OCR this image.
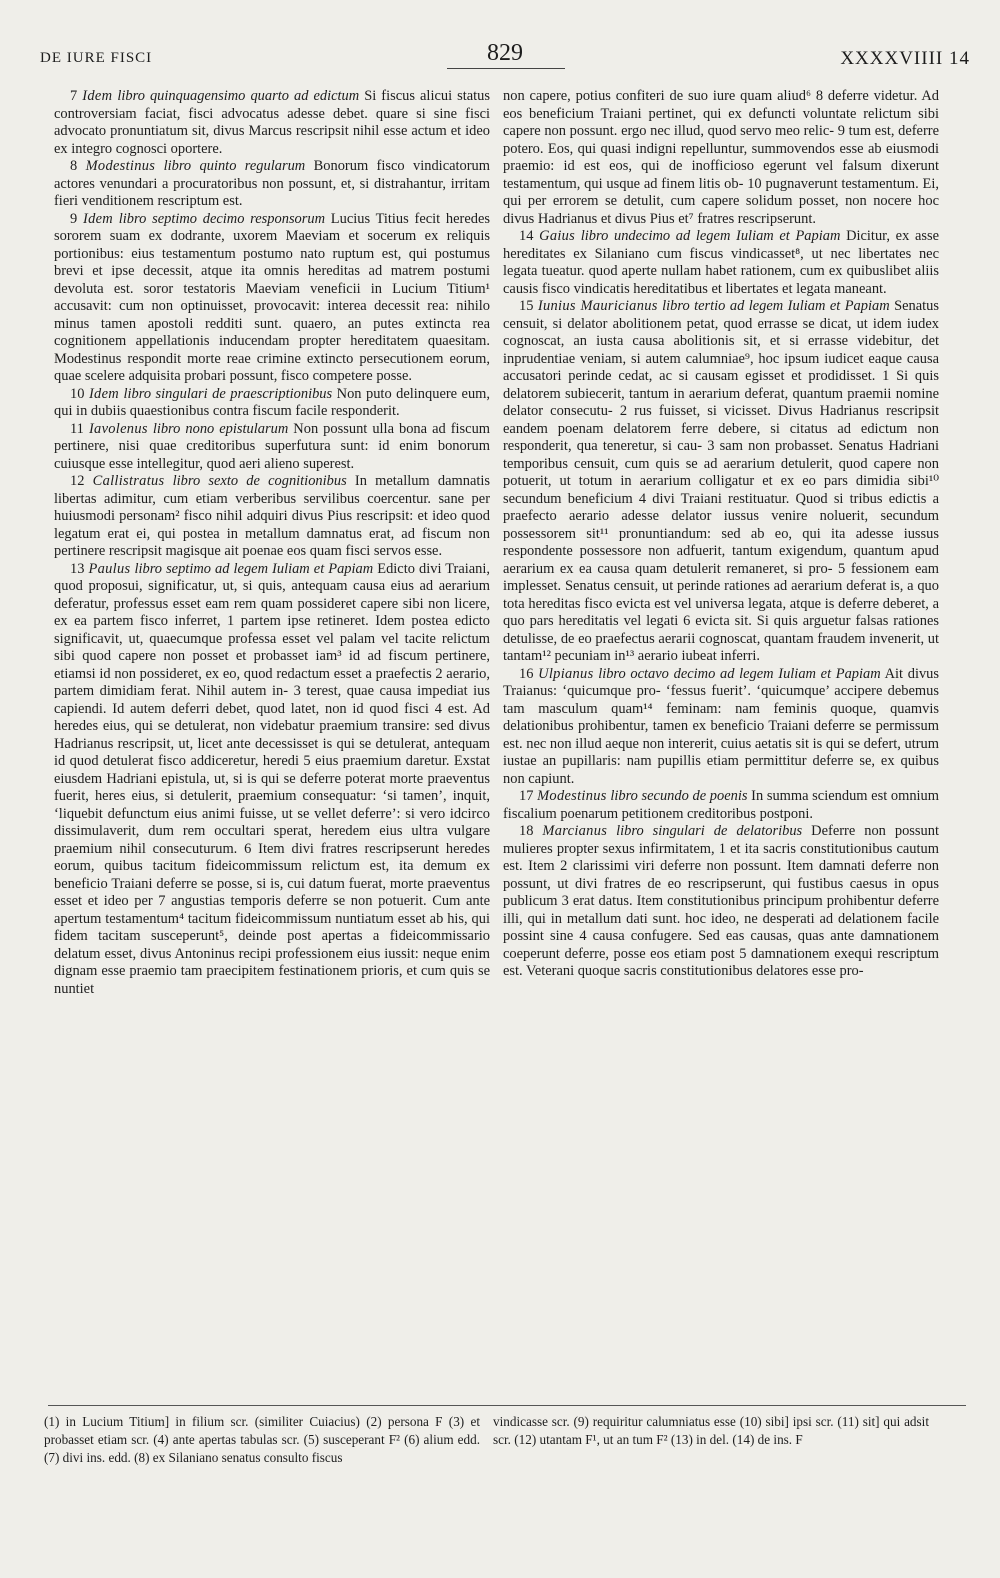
DE IURE FISCI	829	XXXXVIIII 14

7 Idem libro quinquagensimo quarto ad edictum Si fiscus alicui status controversiam faciat, fisci advocatus adesse debet. quare si sine fisci advocato pronuntiatum sit, divus Marcus rescripsit nihil esse actum et ideo ex integro cognosci oportere.

8 Modestinus libro quinto regularum Bonorum fisco vindicatorum actores venundari a procuratoribus non possunt, et, si distrahantur, irritam fieri venditionem rescriptum est.

9 Idem libro septimo decimo responsorum Lucius Titius fecit heredes sororem suam ex dodrante, uxorem Maeviam et socerum ex reliquis portionibus: eius testamentum postumo nato ruptum est, qui postumus brevi et ipse decessit, atque ita omnis hereditas ad matrem postumi devoluta est. soror testatoris Maeviam veneficii in Lucium Titium¹ accusavit: cum non optinuisset, provocavit: interea decessit rea: nihilo minus tamen apostoli redditi sunt. quaero, an putes extincta rea cognitionem appellationis inducendam propter hereditatem quaesitam. Modestinus respondit morte reae crimine extincto persecutionem eorum, quae scelere adquisita probari possunt, fisco competere posse.

10 Idem libro singulari de praescriptionibus Non puto delinquere eum, qui in dubiis quaestionibus contra fiscum facile responderit.

11 Iavolenus libro nono epistularum Non possunt ulla bona ad fiscum pertinere, nisi quae creditoribus superfutura sunt: id enim bonorum cuiusque esse intellegitur, quod aeri alieno superest.

12 Callistratus libro sexto de cognitionibus In metallum damnatis libertas adimitur, cum etiam verberibus servilibus coercentur. sane per huiusmodi personam² fisco nihil adquiri divus Pius rescripsit: et ideo quod legatum erat ei, qui postea in metallum damnatus erat, ad fiscum non pertinere rescripsit magisque ait poenae eos quam fisci servos esse.

13 Paulus libro septimo ad legem Iuliam et Papiam Edicto divi Traiani, quod proposui, significatur, ut, si quis, antequam causa eius ad aerarium deferatur, professus esset eam rem quam possideret capere sibi non licere, ex ea partem fisco inferret, 1 partem ipse retineret. Idem postea edicto significavit, ut, quaecumque professa esset vel palam vel tacite relictum sibi quod capere non posset et probasset iam³ id ad fiscum pertinere, etiamsi id non possideret, ex eo, quod redactum esset a praefectis 2 aerario, partem dimidiam ferat. Nihil autem in- 3 terest, quae causa impediat ius capiendi. Id autem deferri debet, quod latet, non id quod fisci 4 est. Ad heredes eius, qui se detulerat, non videbatur praemium transire: sed divus Hadrianus rescripsit, ut, licet ante decessisset is qui se detulerat, antequam id quod detulerat fisco addiceretur, heredi 5 eius praemium daretur. Exstat eiusdem Hadriani epistula, ut, si is qui se deferre poterat morte praeventus fuerit, heres eius, si detulerit, praemium consequatur: ‘si tamen’, inquit, ‘liquebit defunctum eius animi fuisse, ut se vellet deferre’: si vero idcirco dissimulaverit, dum rem occultari sperat, heredem eius ultra vulgare praemium nihil consecuturum. 6 Item divi fratres rescripserunt heredes eorum, quibus tacitum fideicommissum relictum est, ita demum ex beneficio Traiani deferre se posse, si is, cui datum fuerat, morte praeventus esset et ideo per 7 angustias temporis deferre se non potuerit. Cum ante apertum testamentum⁴ tacitum fideicommissum nuntiatum esset ab his, qui fidem tacitam susceperunt⁵, deinde post apertas a fideicommissario delatum esset, divus Antoninus recipi professionem eius iussit: neque enim dignam esse praemio tam praecipitem festinationem prioris, et cum quis se nuntiet

non capere, potius confiteri de suo iure quam aliud⁶ 8 deferre videtur. Ad eos beneficium Traiani pertinet, qui ex defuncti voluntate relictum sibi capere non possunt. ergo nec illud, quod servo meo relic- 9 tum est, deferre potero. Eos, qui quasi indigni repelluntur, summovendos esse ab eiusmodi praemio: id est eos, qui de inofficioso egerunt vel falsum dixerunt testamentum, qui usque ad finem litis ob- 10 pugnaverunt testamentum. Ei, qui per errorem se detulit, cum capere solidum posset, non nocere hoc divus Hadrianus et divus Pius et⁷ fratres rescripserunt.

14 Gaius libro undecimo ad legem Iuliam et Papiam Dicitur, ex asse hereditates ex Silaniano cum fiscus vindicasset⁸, ut nec libertates nec legata tueatur. quod aperte nullam habet rationem, cum ex quibuslibet aliis causis fisco vindicatis hereditatibus et libertates et legata maneant.

15 Iunius Mauricianus libro tertio ad legem Iuliam et Papiam Senatus censuit, si delator abolitionem petat, quod errasse se dicat, ut idem iudex cognoscat, an iusta causa abolitionis sit, et si errasse videbitur, det inprudentiae veniam, si autem calumniae⁹, hoc ipsum iudicet eaque causa accusatori perinde cedat, ac si causam egisset et prodidisset. 1 Si quis delatorem subiecerit, tantum in aerarium deferat, quantum praemii nomine delator consecutu- 2 rus fuisset, si vicisset. Divus Hadrianus rescripsit eandem poenam delatorem ferre debere, si citatus ad edictum non responderit, qua teneretur, si cau- 3 sam non probasset. Senatus Hadriani temporibus censuit, cum quis se ad aerarium detulerit, quod capere non potuerit, ut totum in aerarium colligatur et ex eo pars dimidia sibi¹⁰ secundum beneficium 4 divi Traiani restituatur. Quod si tribus edictis a praefecto aerario adesse delator iussus venire noluerit, secundum possessorem sit¹¹ pronuntiandum: sed ab eo, qui ita adesse iussus respondente possessore non adfuerit, tantum exigendum, quantum apud aerarium ex ea causa quam detulerit remaneret, si pro- 5 fessionem eam implesset. Senatus censuit, ut perinde rationes ad aerarium deferat is, a quo tota hereditas fisco evicta est vel universa legata, atque is deferre deberet, a quo pars hereditatis vel legati 6 evicta sit. Si quis arguetur falsas rationes detulisse, de eo praefectus aerarii cognoscat, quantam fraudem invenerit, ut tantam¹² pecuniam in¹³ aerario iubeat inferri.

16 Ulpianus libro octavo decimo ad legem Iuliam et Papiam Ait divus Traianus: ‘quicumque pro- ‘fessus fuerit’. ‘quicumque’ accipere debemus tam masculum quam¹⁴ feminam: nam feminis quoque, quamvis delationibus prohibentur, tamen ex beneficio Traiani deferre se permissum est. nec non illud aeque non intererit, cuius aetatis sit is qui se defert, utrum iustae an pupillaris: nam pupillis etiam permittitur deferre se, ex quibus non capiunt.

17 Modestinus libro secundo de poenis In summa sciendum est omnium fiscalium poenarum petitionem creditoribus postponi.

18 Marcianus libro singulari de delatoribus Deferre non possunt mulieres propter sexus infirmitatem, 1 et ita sacris constitutionibus cautum est. Item 2 clarissimi viri deferre non possunt. Item damnati deferre non possunt, ut divi fratres de eo rescripserunt, qui fustibus caesus in opus publicum 3 erat datus. Item constitutionibus principum prohibentur deferre illi, qui in metallum dati sunt. hoc ideo, ne desperati ad delationem facile possint sine 4 causa confugere. Sed eas causas, quas ante damnationem coeperunt deferre, posse eos etiam post 5 damnationem exequi rescriptum est. Veterani quoque sacris constitutionibus delatores esse pro-

(1) in Lucium Titium] in filium scr. (similiter Cuiacius) (2) persona F (3) et probasset etiam scr. (4) ante apertas tabulas scr. (5) susceperant F² (6) alium edd. (7) divi ins. edd. (8) ex Silaniano senatus consulto fiscus

vindicasse scr. (9) requiritur calumniatus esse (10) sibi] ipsi scr. (11) sit] qui adsit scr. (12) utantam F¹, ut an tum F² (13) in del. (14) de ins. F
